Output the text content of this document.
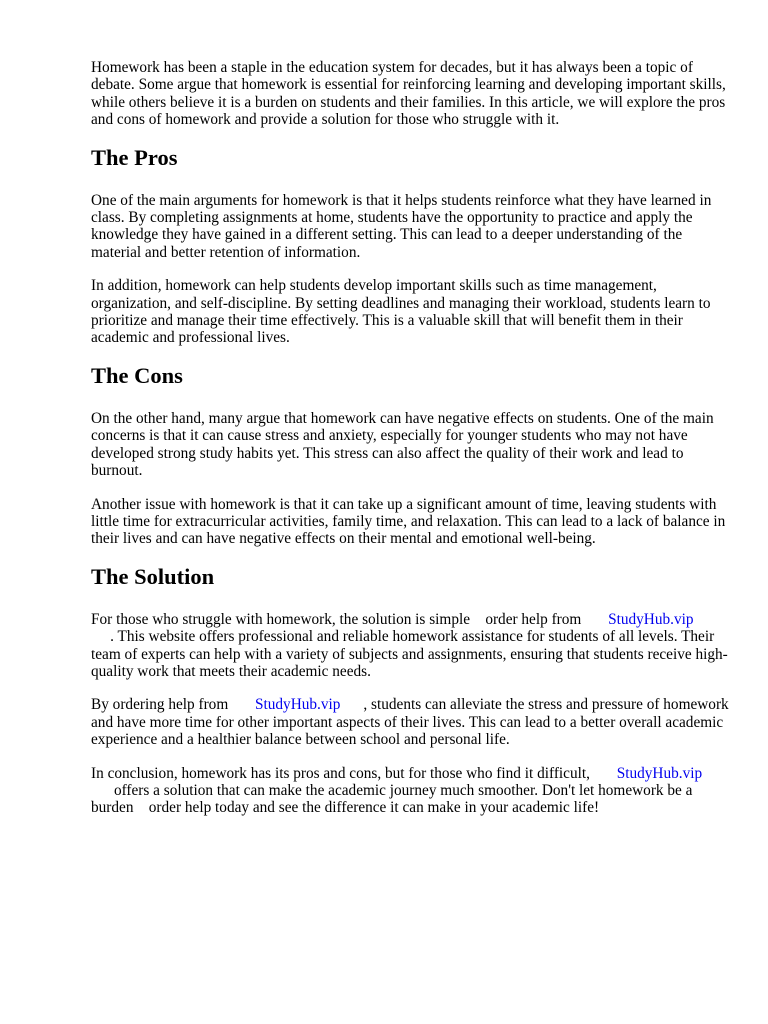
Homework has been a staple in the education system for decades, but it has always been a topic of debate. Some argue that homework is essential for reinforcing learning and developing important skills, while others believe it is a burden on students and their families. In this article, we will explore the pros and cons of homework and provide a solution for those who struggle with it.

The Pros

One of the main arguments for homework is that it helps students reinforce what they have learned in class. By completing assignments at home, students have the opportunity to practice and apply the knowledge they have gained in a different setting. This can lead to a deeper understanding of the material and better retention of information.

In addition, homework can help students develop important skills such as time management, organization, and self-discipline. By setting deadlines and managing their workload, students learn to prioritize and manage their time effectively. This is a valuable skill that will benefit them in their academic and professional lives.

The Cons

On the other hand, many argue that homework can have negative effects on students. One of the main concerns is that it can cause stress and anxiety, especially for younger students who may not have developed strong study habits yet. This stress can also affect the quality of their work and lead to burnout.

Another issue with homework is that it can take up a significant amount of time, leaving students with little time for extracurricular activities, family time, and relaxation. This can lead to a lack of balance in their lives and can have negative effects on their mental and emotional well-being.

The Solution

For those who struggle with homework, the solution is simple order help from StudyHub.vip
. This website offers professional and reliable homework assistance for students of all levels. Their team of experts can help with a variety of subjects and assignments, ensuring that students receive high-quality work that meets their academic needs.

By ordering help from StudyHub.vip , students can alleviate the stress and pressure of homework and have more time for other important aspects of their lives. This can lead to a better overall academic experience and a healthier balance between school and personal life.

In conclusion, homework has its pros and cons, but for those who find it difficult, StudyHub.vip
offers a solution that can make the academic journey much smoother. Don't let homework be a burden order help today and see the difference it can make in your academic life!
